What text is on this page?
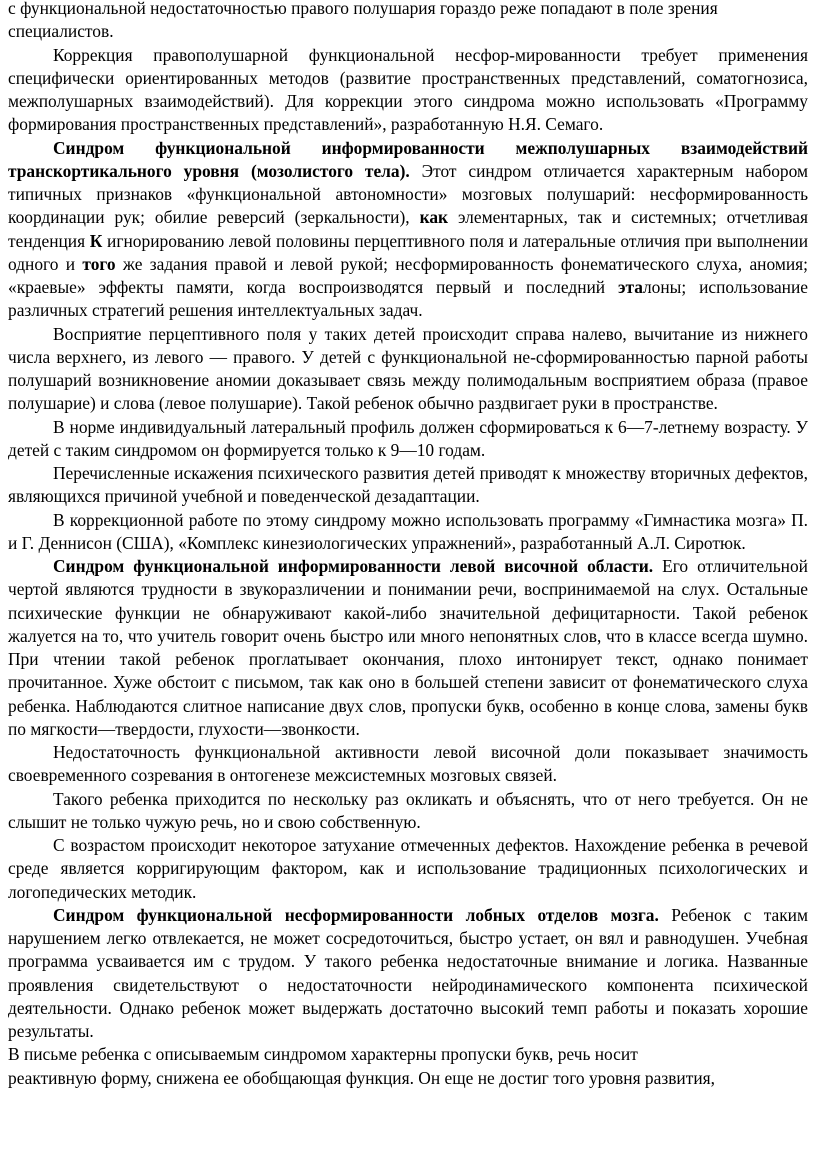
с функциональной недостаточностью правого полушария гораздо реже попадают в поле зрения специалистов.

Коррекция правополушарной функциональной несфор-мированности требует применения специфически ориентированных методов (развитие пространственных представлений, соматогнозиса, межполушарных взаимодействий). Для коррекции этого синдрома можно использовать «Программу формирования пространственных представлений», разработанную Н.Я. Семаго.

Синдром функциональной информированности межполушарных взаимодействий транскортикального уровня (мозолистого тела). Этот синдром отличается характерным набором типичных признаков «функциональной автономности» мозговых полушарий: несформированность координации рук; обилие реверсий (зеркальности), как элементарных, так и системных; отчетливая тенденция К игнорированию левой половины перцептивного поля и латеральные отличия при выполнении одного и того же задания правой и левой рукой; несформированность фонематического слуха, аномия; «краевые» эффекты памяти, когда воспроизводятся первый и последний эталоны; использование различных стратегий решения интеллектуальных задач.

Восприятие перцептивного поля у таких детей происходит справа налево, вычитание из нижнего числа верхнего, из левого — правого. У детей с функциональной не-сформированностью парной работы полушарий возникновение аномии доказывает связь между полимодальным восприятием образа (правое полушарие) и слова (левое полушарие). Такой ребенок обычно раздвигает руки в пространстве.

В норме индивидуальный латеральный профиль должен сформироваться к 6—7-летнему возрасту. У детей с таким синдромом он формируется только к 9—10 годам.

Перечисленные искажения психического развития детей приводят к множеству вторичных дефектов, являющихся причиной учебной и поведенческой дезадаптации.

В коррекционной работе по этому синдрому можно использовать программу «Гимнастика мозга» П. и Г. Деннисон (США), «Комплекс кинезиологических упражнений», разработанный А.Л. Сиротюк.

Синдром функциональной информированности левой височной области. Его отличительной чертой являются трудности в звукоразличении и понимании речи, воспринимаемой на слух. Остальные психические функции не обнаруживают какой-либо значительной дефицитарности. Такой ребенок жалуется на то, что учитель говорит очень быстро или много непонятных слов, что в классе всегда шумно. При чтении такой ребенок проглатывает окончания, плохо интонирует текст, однако понимает прочитанное. Хуже обстоит с письмом, так как оно в большей степени зависит от фонематического слуха ребенка. Наблюдаются слитное написание двух слов, пропуски букв, особенно в конце слова, замены букв по мягкости—твердости, глухости—звонкости.

Недостаточность функциональной активности левой височной доли показывает значимость своевременного созревания в онтогенезе межсистемных мозговых связей.

Такого ребенка приходится по нескольку раз окликать и объяснять, что от него требуется. Он не слышит не только чужую речь, но и свою собственную.

С возрастом происходит некоторое затухание отмеченных дефектов. Нахождение ребенка в речевой среде является корригирующим фактором, как и использование традиционных психологических и логопедических методик.

Синдром функциональной несформированности лобных отделов мозга. Ребенок с таким нарушением легко отвлекается, не может сосредоточиться, быстро устает, он вял и равнодушен. Учебная программа усваивается им с трудом. У такого ребенка недостаточные внимание и логика. Названные проявления свидетельствуют о недостаточности нейродинамического компонента психической деятельности. Однако ребенок может выдержать достаточно высокий темп работы и показать хорошие результаты.

В письме ребенка с описываемым синдромом характерны пропуски букв, речь носит

реактивную форму, снижена ее обобщающая функция. Он еще не достиг того уровня развития,
